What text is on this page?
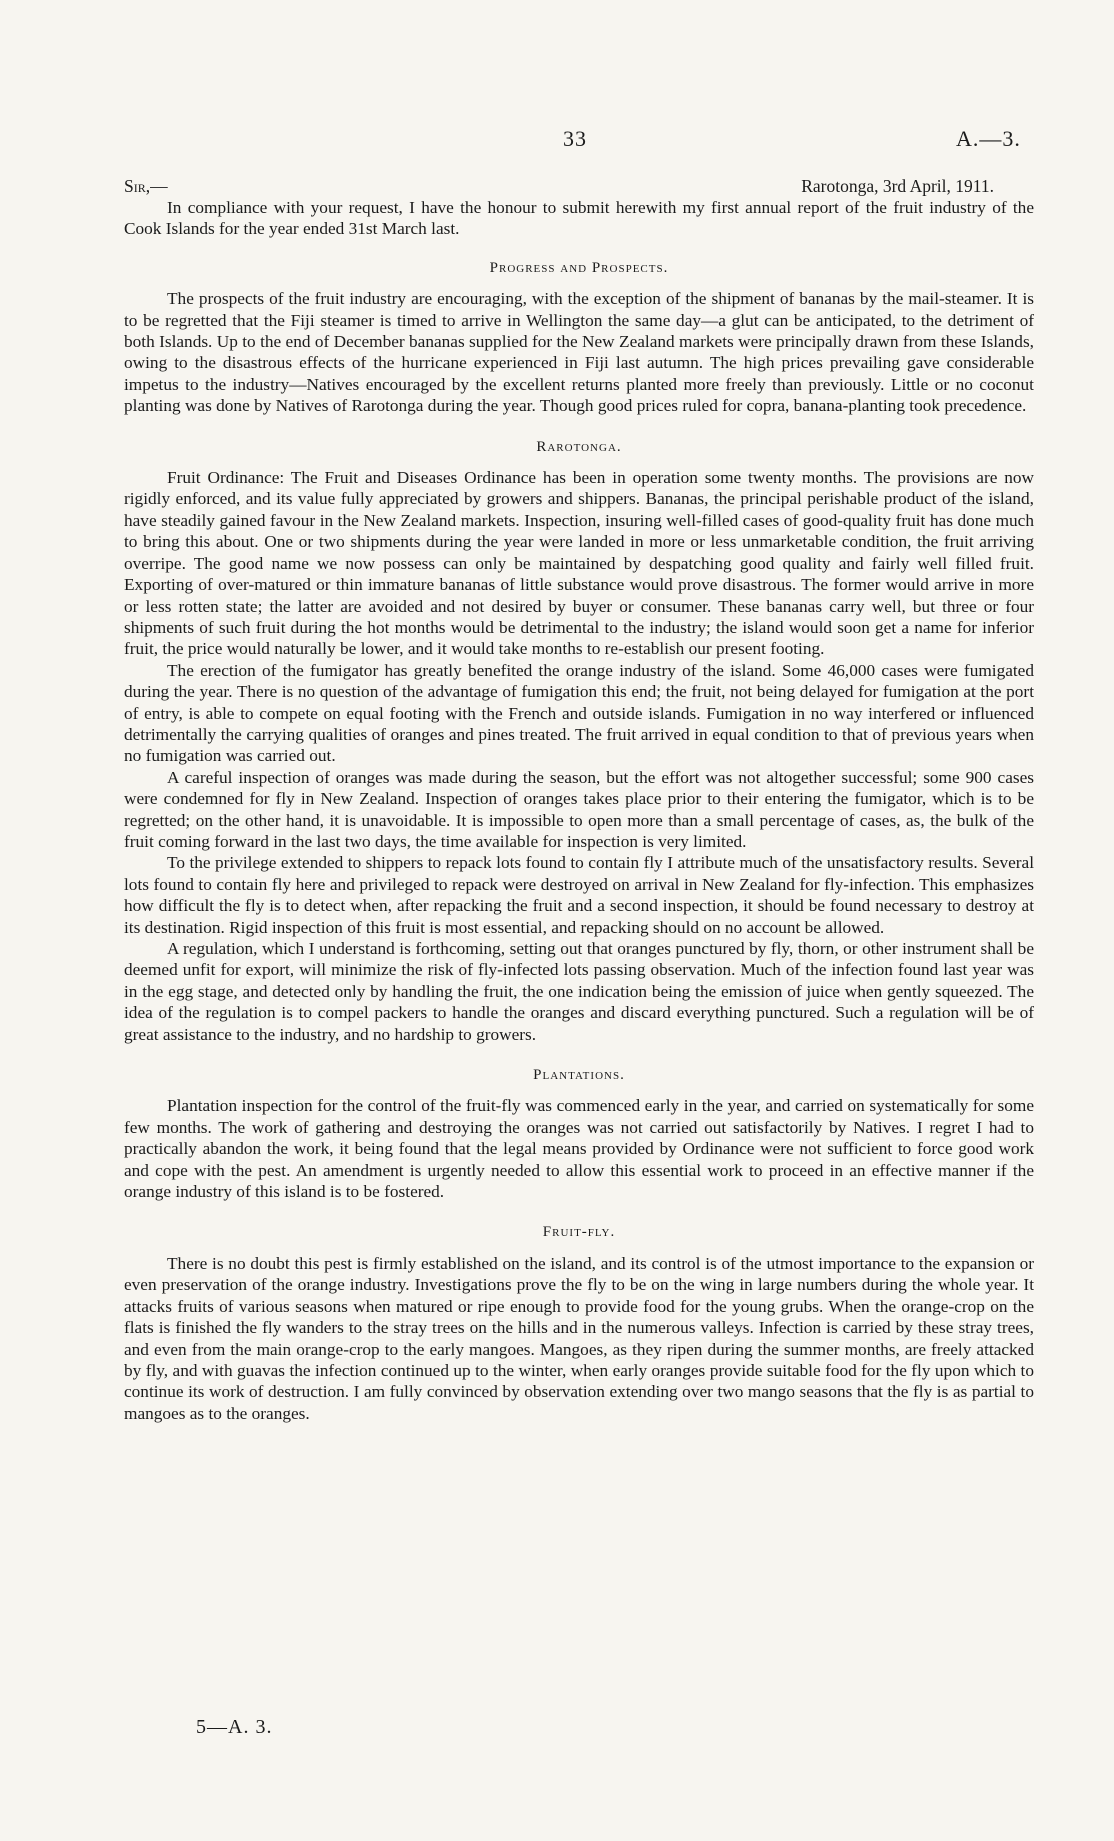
33	A.—3.
Sir,—	Rarotonga, 3rd April, 1911.

In compliance with your request, I have the honour to submit herewith my first annual report of the fruit industry of the Cook Islands for the year ended 31st March last.

Progress and Prospects.

The prospects of the fruit industry are encouraging, with the exception of the shipment of bananas by the mail-steamer. It is to be regretted that the Fiji steamer is timed to arrive in Wellington the same day—a glut can be anticipated, to the detriment of both Islands. Up to the end of December bananas supplied for the New Zealand markets were principally drawn from these Islands, owing to the disastrous effects of the hurricane experienced in Fiji last autumn. The high prices prevailing gave considerable impetus to the industry—Natives encouraged by the excellent returns planted more freely than previously. Little or no coconut planting was done by Natives of Rarotonga during the year. Though good prices ruled for copra, banana-planting took precedence.

Rarotonga.

Fruit Ordinance: The Fruit and Diseases Ordinance has been in operation some twenty months. The provisions are now rigidly enforced, and its value fully appreciated by growers and shippers. Bananas, the principal perishable product of the island, have steadily gained favour in the New Zealand markets. Inspection, insuring well-filled cases of good-quality fruit has done much to bring this about. One or two shipments during the year were landed in more or less unmarketable condition, the fruit arriving overripe. The good name we now possess can only be maintained by despatching good quality and fairly well filled fruit. Exporting of over-matured or thin immature bananas of little substance would prove disastrous. The former would arrive in more or less rotten state; the latter are avoided and not desired by buyer or consumer. These bananas carry well, but three or four shipments of such fruit during the hot months would be detrimental to the industry; the island would soon get a name for inferior fruit, the price would naturally be lower, and it would take months to re-establish our present footing.

The erection of the fumigator has greatly benefited the orange industry of the island. Some 46,000 cases were fumigated during the year. There is no question of the advantage of fumigation this end; the fruit, not being delayed for fumigation at the port of entry, is able to compete on equal footing with the French and outside islands. Fumigation in no way interfered or influenced detrimentally the carrying qualities of oranges and pines treated. The fruit arrived in equal condition to that of previous years when no fumigation was carried out.

A careful inspection of oranges was made during the season, but the effort was not altogether successful; some 900 cases were condemned for fly in New Zealand. Inspection of oranges takes place prior to their entering the fumigator, which is to be regretted; on the other hand, it is unavoidable. It is impossible to open more than a small percentage of cases, as, the bulk of the fruit coming forward in the last two days, the time available for inspection is very limited.

To the privilege extended to shippers to repack lots found to contain fly I attribute much of the unsatisfactory results. Several lots found to contain fly here and privileged to repack were destroyed on arrival in New Zealand for fly-infection. This emphasizes how difficult the fly is to detect when, after repacking the fruit and a second inspection, it should be found necessary to destroy at its destination. Rigid inspection of this fruit is most essential, and repacking should on no account be allowed.

A regulation, which I understand is forthcoming, setting out that oranges punctured by fly, thorn, or other instrument shall be deemed unfit for export, will minimize the risk of fly-infected lots passing observation. Much of the infection found last year was in the egg stage, and detected only by handling the fruit, the one indication being the emission of juice when gently squeezed. The idea of the regulation is to compel packers to handle the oranges and discard everything punctured. Such a regulation will be of great assistance to the industry, and no hardship to growers.

Plantations.

Plantation inspection for the control of the fruit-fly was commenced early in the year, and carried on systematically for some few months. The work of gathering and destroying the oranges was not carried out satisfactorily by Natives. I regret I had to practically abandon the work, it being found that the legal means provided by Ordinance were not sufficient to force good work and cope with the pest. An amendment is urgently needed to allow this essential work to proceed in an effective manner if the orange industry of this island is to be fostered.

Fruit-fly.

There is no doubt this pest is firmly established on the island, and its control is of the utmost importance to the expansion or even preservation of the orange industry. Investigations prove the fly to be on the wing in large numbers during the whole year. It attacks fruits of various seasons when matured or ripe enough to provide food for the young grubs. When the orange-crop on the flats is finished the fly wanders to the stray trees on the hills and in the numerous valleys. Infection is carried by these stray trees, and even from the main orange-crop to the early mangoes. Mangoes, as they ripen during the summer months, are freely attacked by fly, and with guavas the infection continued up to the winter, when early oranges provide suitable food for the fly upon which to continue its work of destruction. I am fully convinced by observation extending over two mango seasons that the fly is as partial to mangoes as to the oranges.

5—A. 3.
